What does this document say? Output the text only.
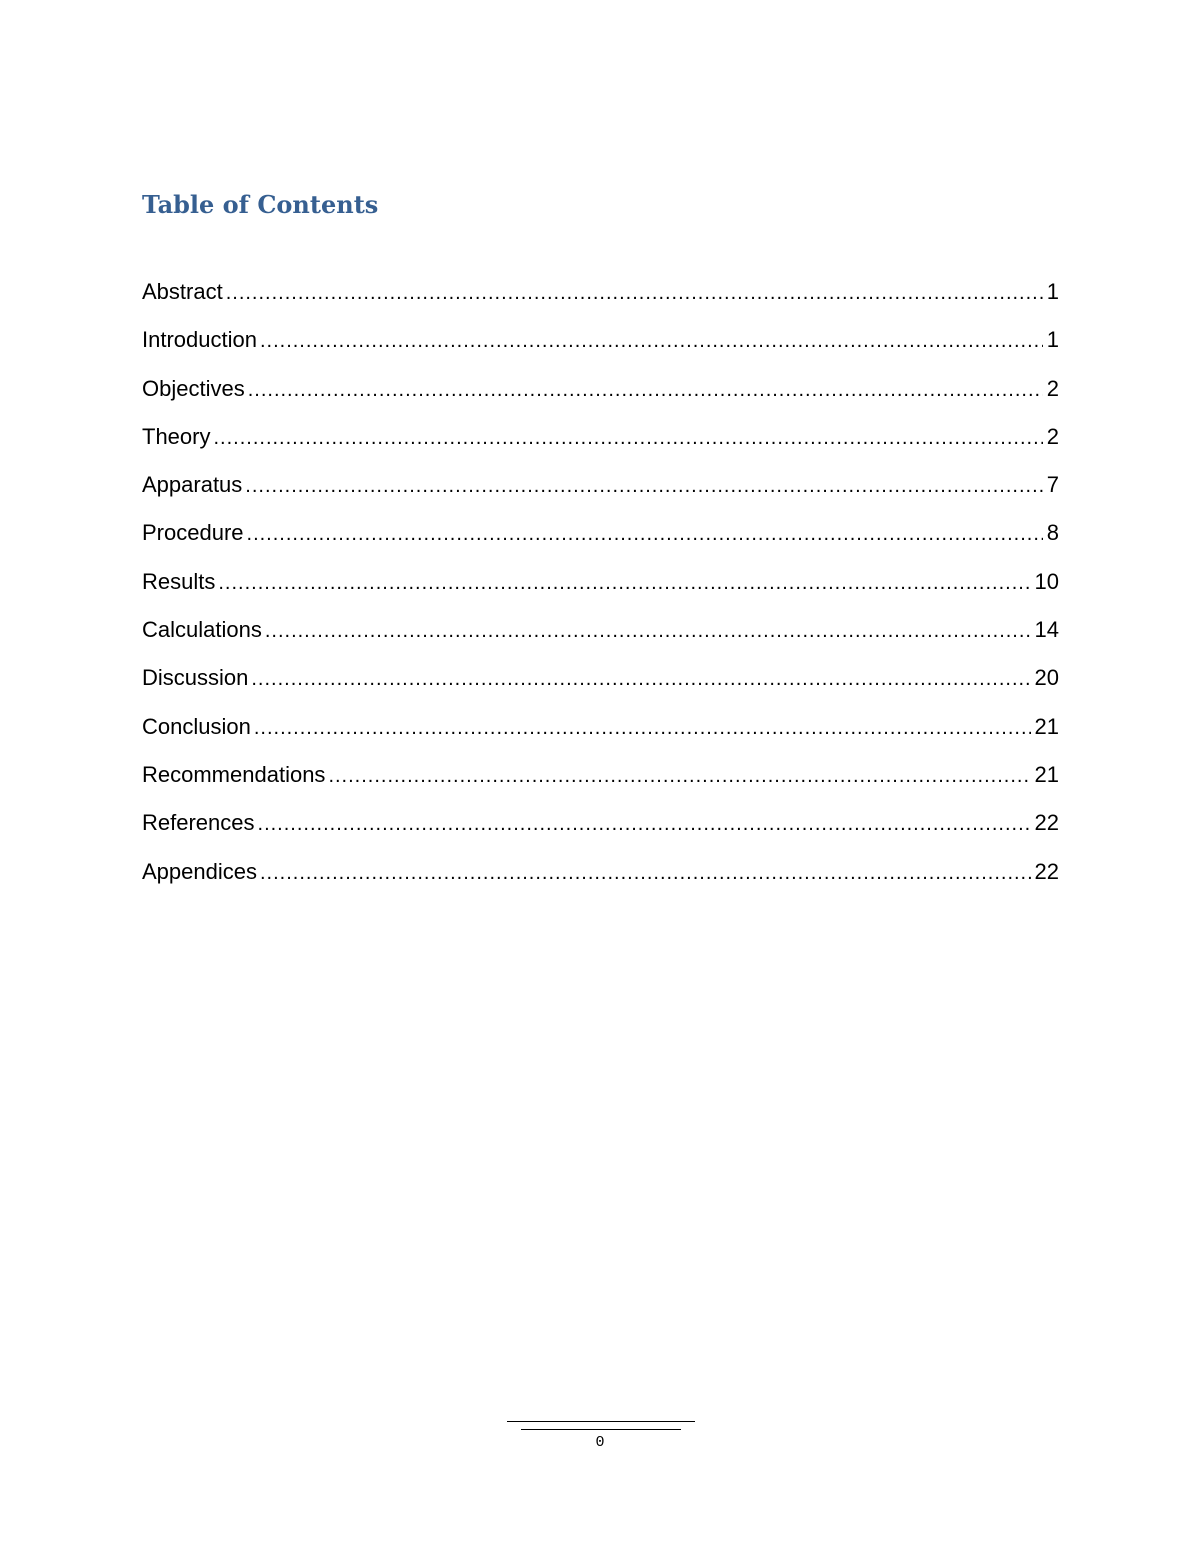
Table of Contents
Abstract .....	1
Introduction .....	1
Objectives .....	2
Theory .....	2
Apparatus .....	7
Procedure .....	8
Results .....	10
Calculations .....	14
Discussion .....	20
Conclusion .....	21
Recommendations .....	21
References .....	22
Appendices .....	22
0
